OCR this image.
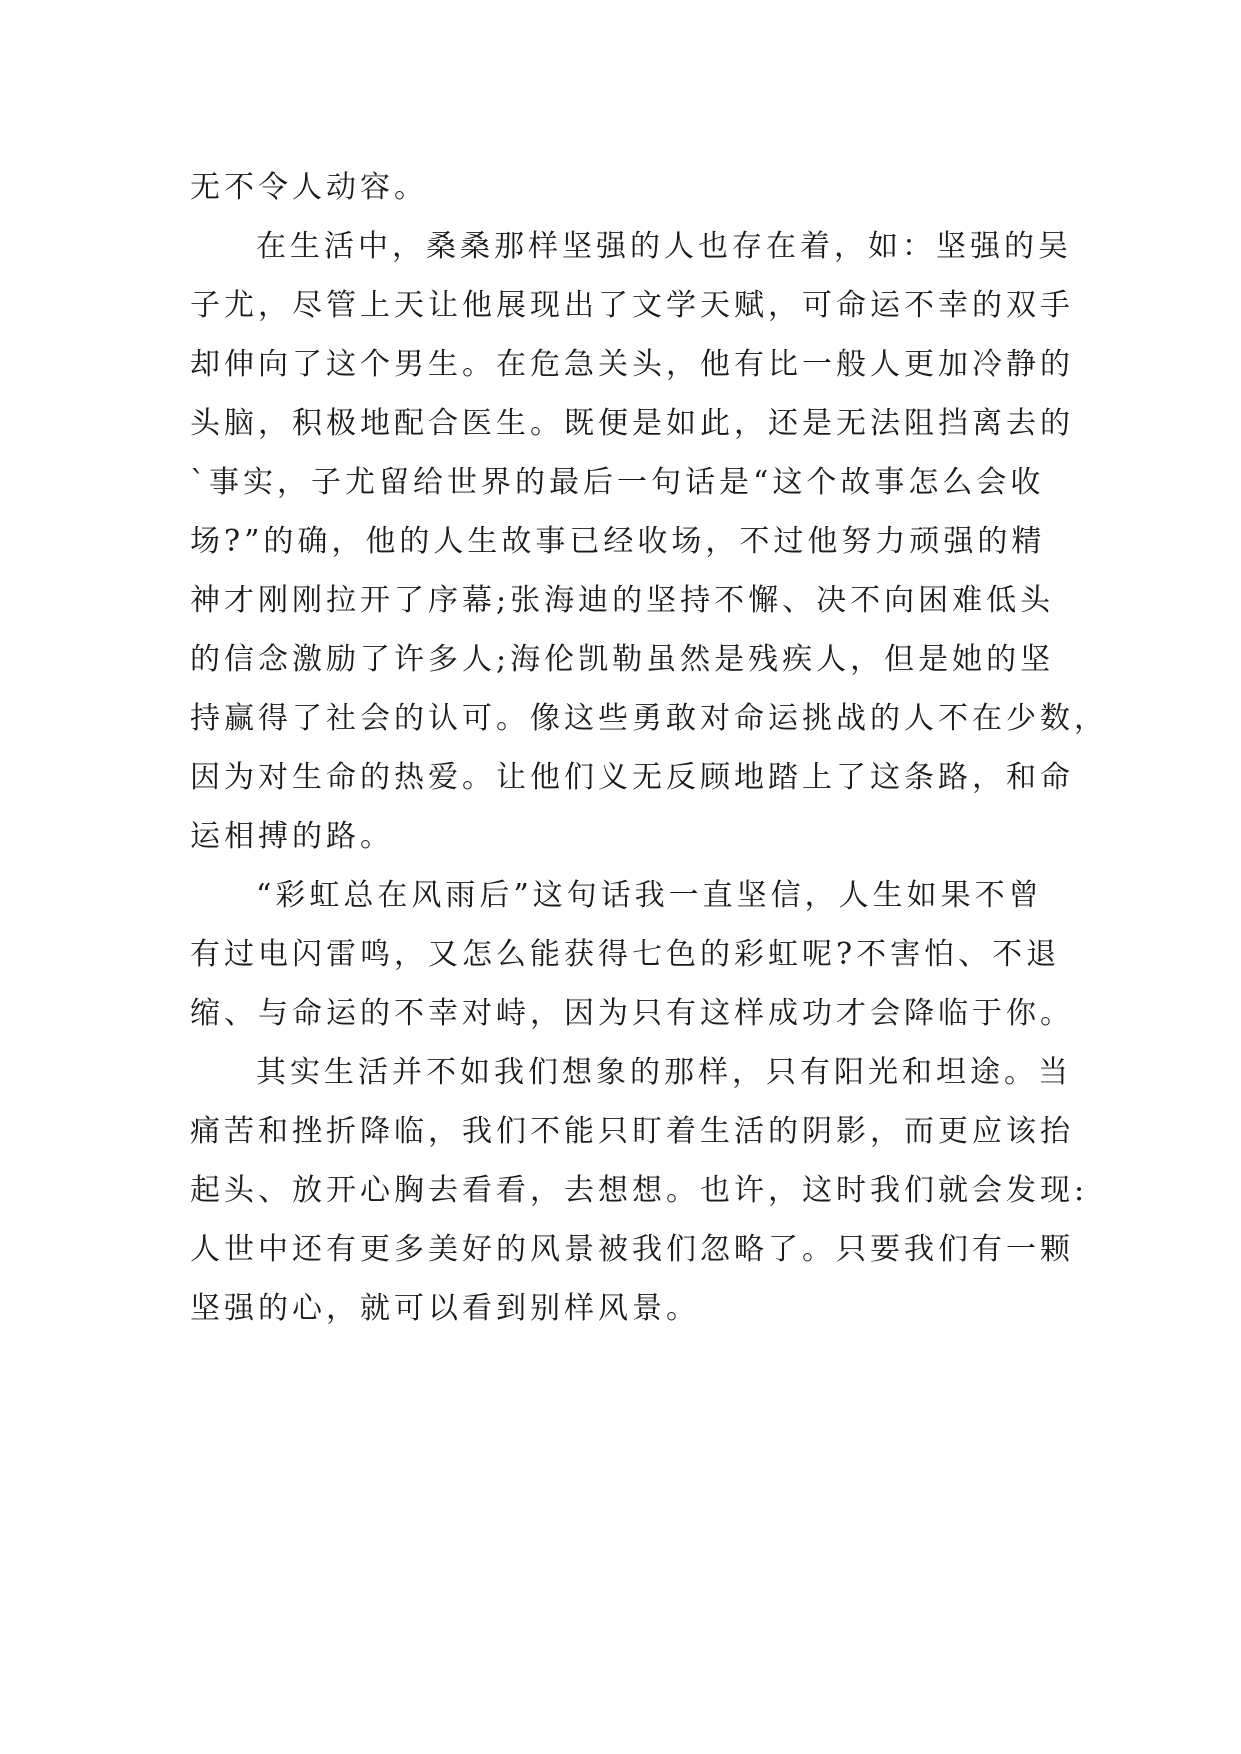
无不令人动容。
在生活中，桑桑那样坚强的人也存在着，如：坚强的吴
子尤，尽管上天让他展现出了文学天赋，可命运不幸的双手
却伸向了这个男生。在危急关头，他有比一般人更加冷静的
头脑，积极地配合医生。既便是如此，还是无法阻挡离去的
`事实，子尤留给世界的最后一句话是“这个故事怎么会收
场?”的确，他的人生故事已经收场，不过他努力顽强的精
神才刚刚拉开了序幕;张海迪的坚持不懈、决不向困难低头
的信念激励了许多人;海伦凯勒虽然是残疾人，但是她的坚
持赢得了社会的认可。像这些勇敢对命运挑战的人不在少数，
因为对生命的热爱。让他们义无反顾地踏上了这条路，和命
运相搏的路。
“彩虹总在风雨后”这句话我一直坚信，人生如果不曾
有过电闪雷鸣，又怎么能获得七色的彩虹呢?不害怕、不退
缩、与命运的不幸对峙，因为只有这样成功才会降临于你。
其实生活并不如我们想象的那样，只有阳光和坦途。当
痛苦和挫折降临，我们不能只盯着生活的阴影，而更应该抬
起头、放开心胸去看看，去想想。也许，这时我们就会发现:
人世中还有更多美好的风景被我们忽略了。只要我们有一颗
坚强的心，就可以看到别样风景。
